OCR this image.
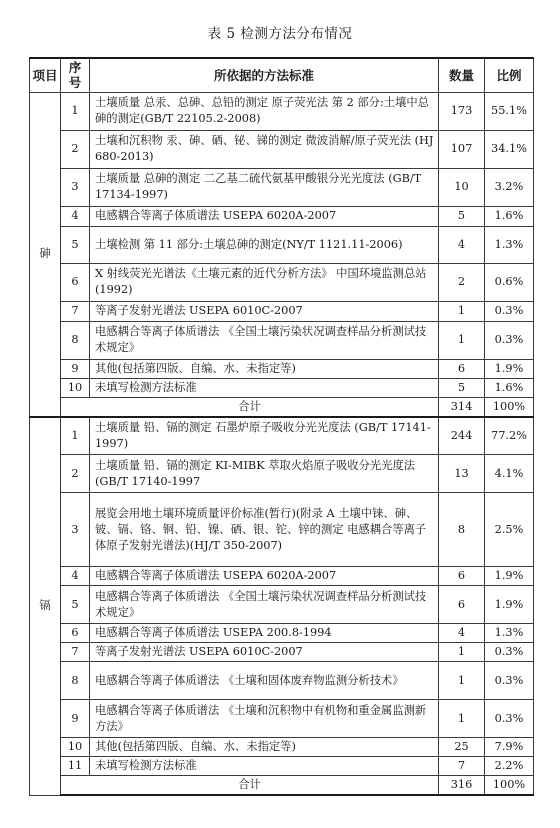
表 5 检测方法分布情况
项目	序号	所依据的方法标准	数量	比例
砷	1	土壤质量 总汞、总砷、总铅的测定 原子荧光法 第 2 部分:土壤中总砷的测定(GB/T 22105.2-2008)	173	55.1%
	2	土壤和沉积物 汞、砷、硒、铋、锑的测定 微波消解/原子荧光法 (HJ 680-2013)	107	34.1%
	3	土壤质量 总砷的测定 二乙基二硫代氨基甲酸银分光光度法 (GB/T 17134-1997)	10	3.2%
	4	电感耦合等离子体质谱法 USEPA 6020A-2007	5	1.6%
	5	土壤检测 第 11 部分:土壤总砷的测定(NY/T 1121.11-2006)	4	1.3%
	6	X 射线荧光光谱法《土壤元素的近代分析方法》 中国环境监测总站(1992)	2	0.6%
	7	等离子发射光谱法 USEPA 6010C-2007	1	0.3%
	8	电感耦合等离子体质谱法 《全国土壤污染状况调查样品分析测试技术规定》	1	0.3%
	9	其他(包括第四版、自编、水、未指定等)	6	1.9%
	10	未填写检测方法标准	5	1.6%
	合计		314	100%
镉	1	土壤质量 铅、镉的测定 石墨炉原子吸收分光光度法 (GB/T 17141-1997)	244	77.2%
	2	土壤质量 铅、镉的测定 KI-MIBK 萃取火焰原子吸收分光光度法(GB/T 17140-1997	13	4.1%
	3	展览会用地土壤环境质量评价标准(暂行)(附录 A 土壤中铼、砷、铍、镉、铬、铜、铅、镍、硒、银、铊、锌的测定 电感耦合等离子体原子发射光谱法)(HJ/T 350-2007)	8	2.5%
	4	电感耦合等离子体质谱法 USEPA 6020A-2007	6	1.9%
	5	电感耦合等离子体质谱法 《全国土壤污染状况调查样品分析测试技术规定》	6	1.9%
	6	电感耦合等离子体质谱法 USEPA 200.8-1994	4	1.3%
	7	等离子发射光谱法 USEPA 6010C-2007	1	0.3%
	8	电感耦合等离子体质谱法 《土壤和固体废弃物监测分析技术》	1	0.3%
	9	电感耦合等离子体质谱法 《土壤和沉积物中有机物和重金属监测新方法》	1	0.3%
	10	其他(包括第四版、自编、水、未指定等)	25	7.9%
	11	未填写检测方法标准	7	2.2%
	合计		316	100%
